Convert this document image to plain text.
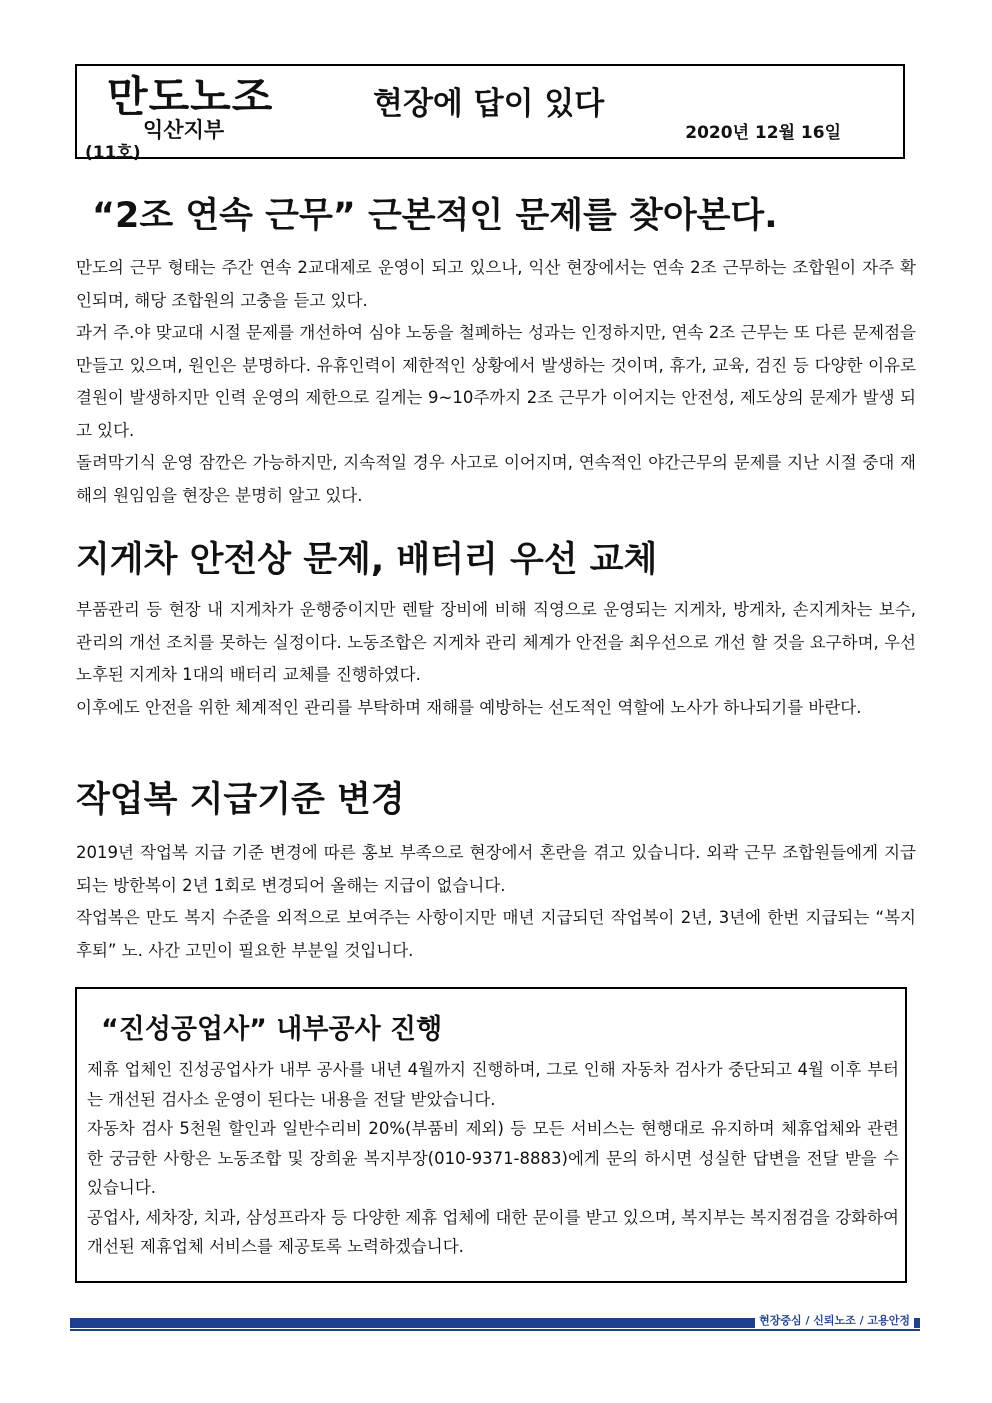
만도노조
익산지부
(11호)
현장에 답이 있다
2020년 12월 16일
“2조 연속 근무” 근본적인 문제를 찾아본다.

만도의 근무 형태는 주간 연속 2교대제로 운영이 되고 있으나, 익산 현장에서는 연속 2조 근무하는 조합원이 자주 확인되며, 해당 조합원의 고충을 듣고 있다.

과거 주.야 맞교대 시절 문제를 개선하여 심야 노동을 철폐하는 성과는 인정하지만, 연속 2조 근무는 또 다른 문제점을 만들고 있으며, 원인은 분명하다. 유휴인력이 제한적인 상황에서 발생하는 것이며, 휴가, 교육, 검진 등 다양한 이유로 결원이 발생하지만 인력 운영의 제한으로 길게는 9~10주까지 2조 근무가 이어지는 안전성, 제도상의 문제가 발생 되고 있다.

돌려막기식 운영 잠깐은 가능하지만, 지속적일 경우 사고로 이어지며, 연속적인 야간근무의 문제를 지난 시절 중대 재해의 원임임을 현장은 분명히 알고 있다.

지게차 안전상 문제, 배터리 우선 교체

부품관리 등 현장 내 지게차가 운행중이지만 렌탈 장비에 비해 직영으로 운영되는 지게차, 방게차, 손지게차는 보수, 관리의 개선 조치를 못하는 실정이다. 노동조합은 지게차 관리 체계가 안전을 최우선으로 개선 할 것을 요구하며, 우선 노후된 지게차 1대의 배터리 교체를 진행하였다.

이후에도 안전을 위한 체계적인 관리를 부탁하며 재해를 예방하는 선도적인 역할에 노사가 하나되기를 바란다.

작업복 지급기준 변경

2019년 작업복 지급 기준 변경에 따른 홍보 부족으로 현장에서 혼란을 겪고 있습니다. 외곽 근무 조합원들에게 지급되는 방한복이 2년 1회로 변경되어 올해는 지급이 없습니다.

작업복은 만도 복지 수준을 외적으로 보여주는 사항이지만 매년 지급되던 작업복이 2년, 3년에 한번 지급되는 “복지 후퇴” 노. 사간 고민이 필요한 부분일 것입니다.

“진성공업사” 내부공사 진행

제휴 업체인 진성공업사가 내부 공사를 내년 4월까지 진행하며, 그로 인해 자동차 검사가 중단되고 4월 이후 부터는 개선된 검사소 운영이 된다는 내용을 전달 받았습니다.

자동차 검사 5천원 할인과 일반수리비 20%(부품비 제외) 등 모든 서비스는 현행대로 유지하며 체휴업체와 관련한 궁금한 사항은 노동조합 및 장희윤 복지부장(010-9371-8883)에게 문의 하시면 성실한 답변을 전달 받을 수 있습니다.

공업사, 세차장, 치과, 삼성프라자 등 다양한 제휴 업체에 대한 문이를 받고 있으며, 복지부는 복지점검을 강화하여 개선된 제휴업체 서비스를 제공토록 노력하겠습니다.

현장중심 / 신뢰노조 / 고용안정
